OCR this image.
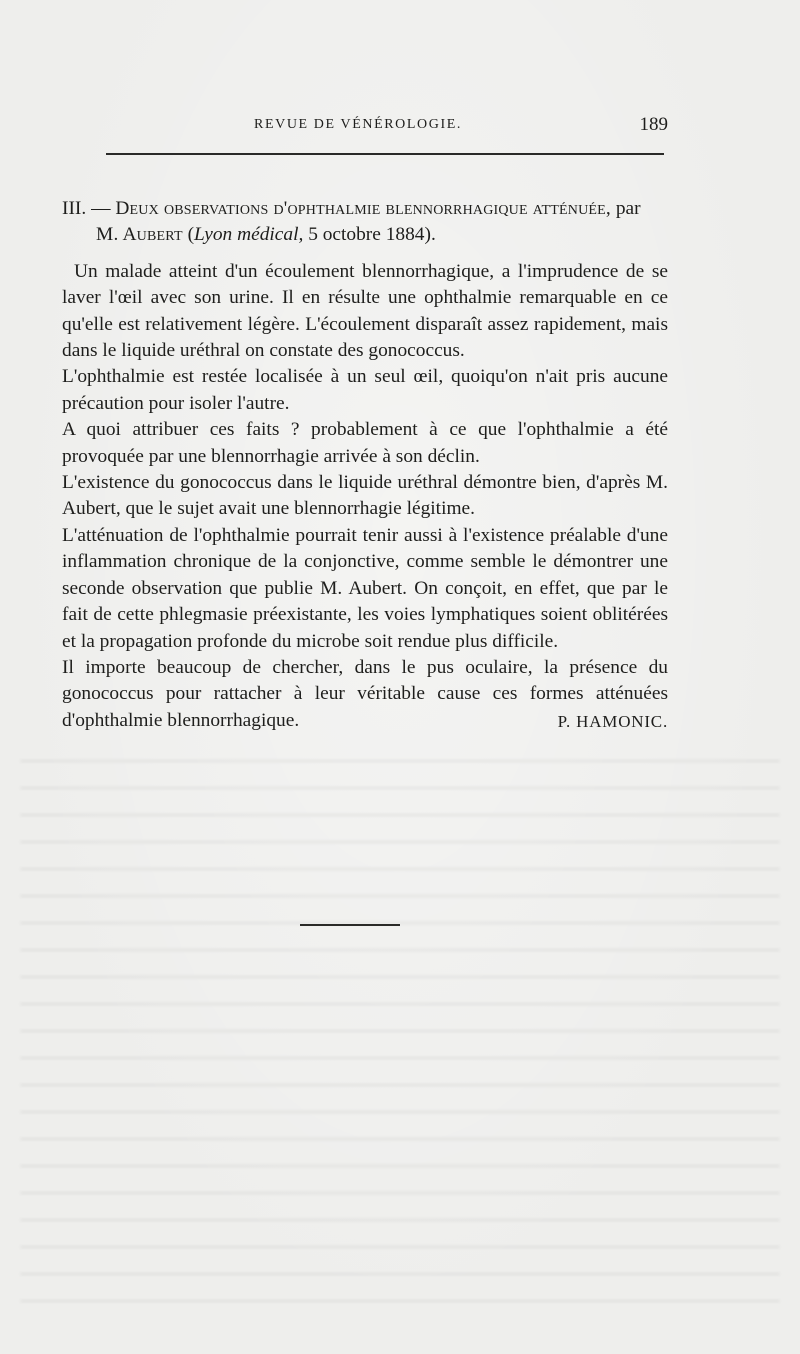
REVUE DE VÉNÉROLOGIE.	189
III. — Deux observations d'ophthalmie blennorrhagique atténuée, par
M. Aubert (Lyon médical, 5 octobre 1884).

Un malade atteint d'un écoulement blennorrhagique, a l'imprudence de se laver l'œil avec son urine. Il en résulte une ophthalmie remarquable en ce qu'elle est relativement légère. L'écoulement disparaît assez rapidement, mais dans le liquide uréthral on constate des gonococcus.

L'ophthalmie est restée localisée à un seul œil, quoiqu'on n'ait pris aucune précaution pour isoler l'autre.

A quoi attribuer ces faits ? probablement à ce que l'ophthalmie a été provoquée par une blennorrhagie arrivée à son déclin.

L'existence du gonococcus dans le liquide uréthral démontre bien, d'après M. Aubert, que le sujet avait une blennorrhagie légitime.

L'atténuation de l'ophthalmie pourrait tenir aussi à l'existence préalable d'une inflammation chronique de la conjonctive, comme semble le démontrer une seconde observation que publie M. Aubert. On conçoit, en effet, que par le fait de cette phlegmasie préexistante, les voies lymphatiques soient oblitérées et la propagation profonde du microbe soit rendue plus difficile.

Il importe beaucoup de chercher, dans le pus oculaire, la présence du gonococcus pour rattacher à leur véritable cause ces formes atténuées d'ophthalmie blennorrhagique.	P. HAMONIC.
